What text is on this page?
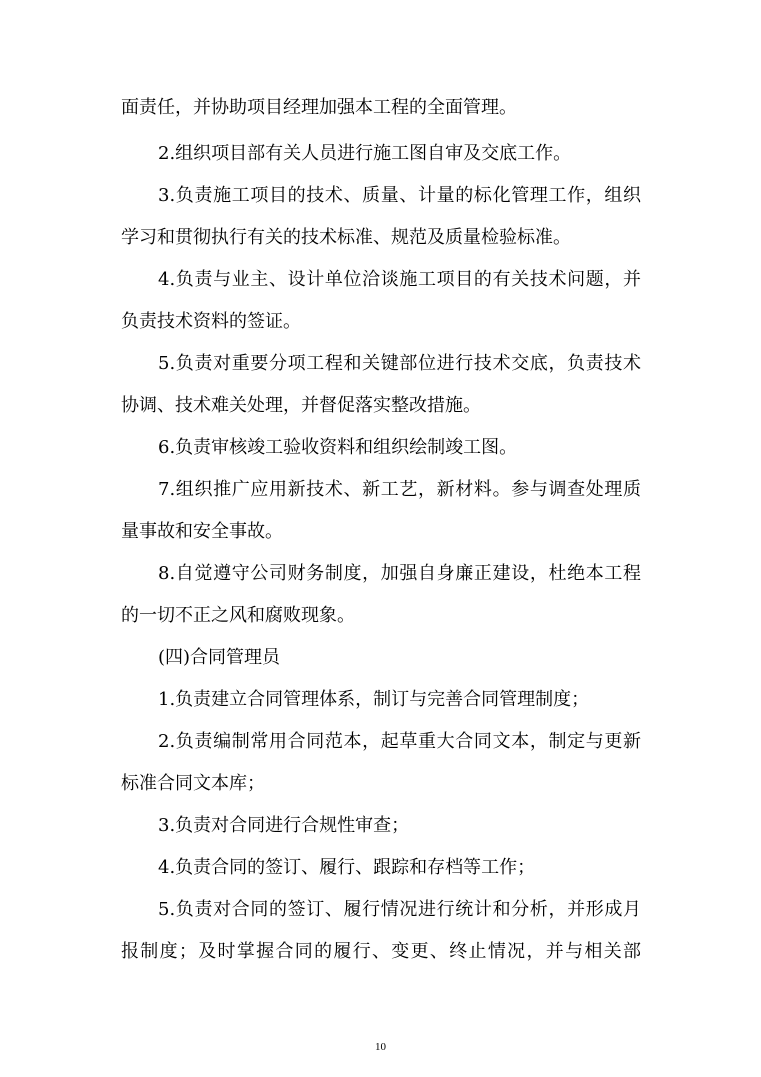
面责任，并协助项目经理加强本工程的全面管理。
2.组织项目部有关人员进行施工图自审及交底工作。
3.负责施工项目的技术、质量、计量的标化管理工作，组织
学习和贯彻执行有关的技术标准、规范及质量检验标准。
4.负责与业主、设计单位洽谈施工项目的有关技术问题，并
负责技术资料的签证。
5.负责对重要分项工程和关键部位进行技术交底，负责技术
协调、技术难关处理，并督促落实整改措施。
6.负责审核竣工验收资料和组织绘制竣工图。
7.组织推广应用新技术、新工艺，新材料。参与调查处理质
量事故和安全事故。
8.自觉遵守公司财务制度，加强自身廉正建设，杜绝本工程
的一切不正之风和腐败现象。
(四)合同管理员
1.负责建立合同管理体系，制订与完善合同管理制度；
2.负责编制常用合同范本，起草重大合同文本，制定与更新
标准合同文本库；
3.负责对合同进行合规性审查；
4.负责合同的签订、履行、跟踪和存档等工作；
5.负责对合同的签订、履行情况进行统计和分析，并形成月
报制度；及时掌握合同的履行、变更、终止情况，并与相关部
10
